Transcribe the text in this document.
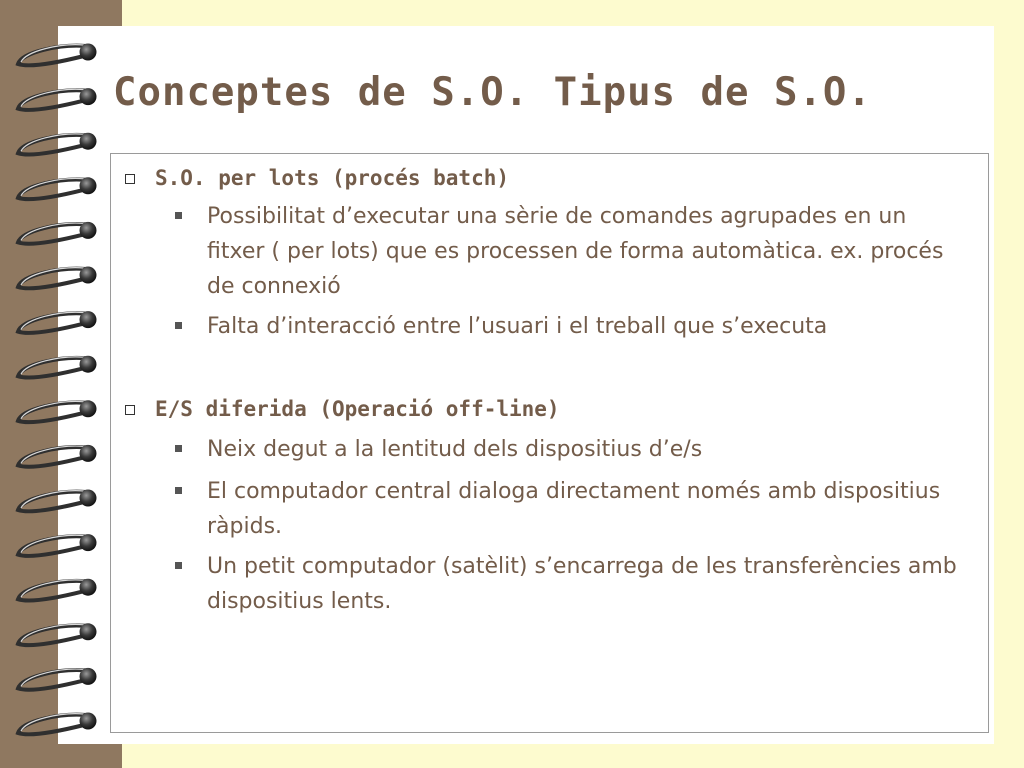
Conceptes de S.O. Tipus de S.O.
S.O. per lots (procés batch)
Possibilitat d’executar una sèrie de comandes agrupades en un fitxer ( per lots) que es processen de forma automàtica. ex. procés de connexió
Falta d’interacció entre l’usuari i el treball que s’executa
E/S diferida (Operació off-line)
Neix degut a la lentitud dels dispositius d’e/s
El computador central dialoga directament només amb dispositius ràpids.
Un petit computador (satèlit) s’encarrega de les transferències amb dispositius lents.
